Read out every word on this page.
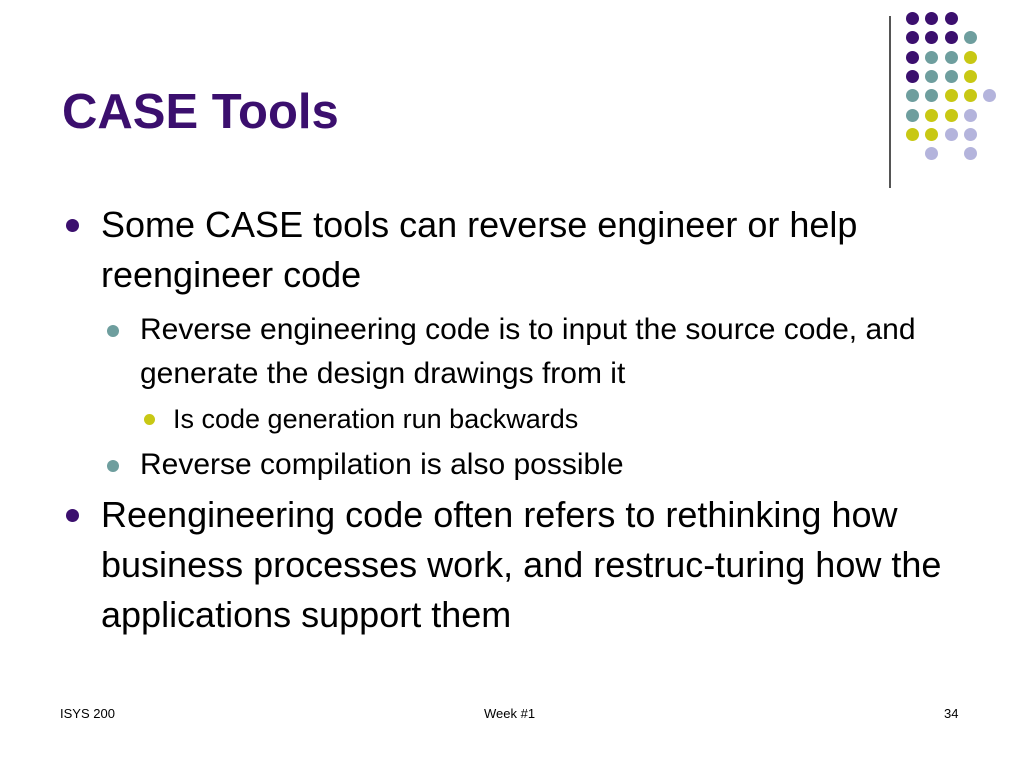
CASE Tools
Some CASE tools can reverse engineer or help reengineer code
Reverse engineering code is to input the source code, and generate the design drawings from it
Is code generation run backwards
Reverse compilation is also possible
Reengineering code often refers to rethinking how business processes work, and restruc-turing how the applications support them
ISYS 200	Week #1	34
